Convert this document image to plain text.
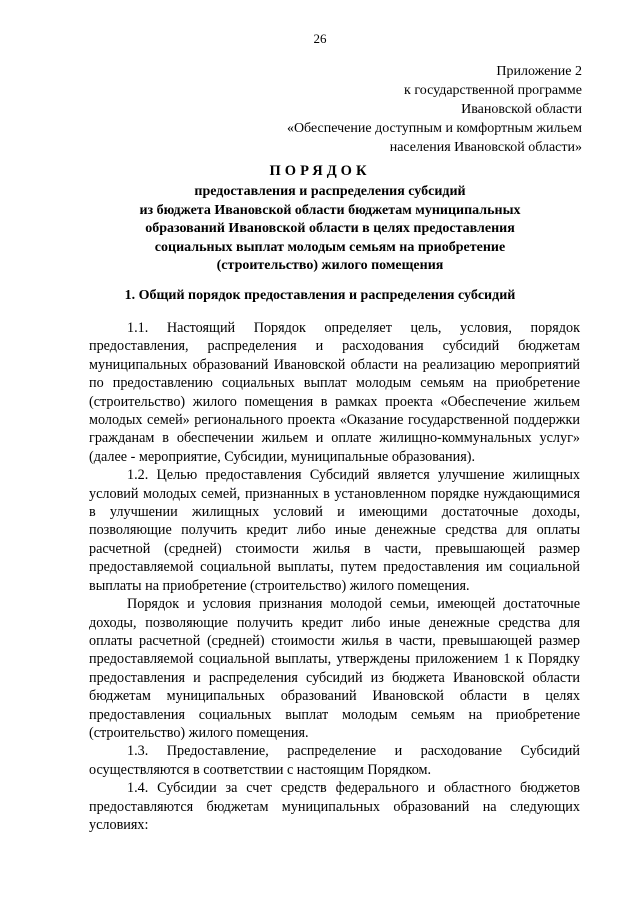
26
Приложение 2
к государственной программе
Ивановской области
«Обеспечение доступным и комфортным жильем
населения Ивановской области»
ПОРЯДОК
предоставления и распределения субсидий
из бюджета Ивановской области бюджетам муниципальных
образований Ивановской области в целях предоставления
социальных выплат молодым семьям на приобретение
(строительство) жилого помещения
1. Общий порядок предоставления и распределения субсидий

1.1. Настоящий Порядок определяет цель, условия, порядок предоставления, распределения и расходования субсидий бюджетам муниципальных образований Ивановской области на реализацию мероприятий по предоставлению социальных выплат молодым семьям на приобретение (строительство) жилого помещения в рамках проекта «Обеспечение жильем молодых семей» регионального проекта «Оказание государственной поддержки гражданам в обеспечении жильем и оплате жилищно-коммунальных услуг» (далее - мероприятие, Субсидии, муниципальные образования).

1.2. Целью предоставления Субсидий является улучшение жилищных условий молодых семей, признанных в установленном порядке нуждающимися в улучшении жилищных условий и имеющими достаточные доходы, позволяющие получить кредит либо иные денежные средства для оплаты расчетной (средней) стоимости жилья в части, превышающей размер предоставляемой социальной выплаты, путем предоставления им социальной выплаты на приобретение (строительство) жилого помещения.

Порядок и условия признания молодой семьи, имеющей достаточные доходы, позволяющие получить кредит либо иные денежные средства для оплаты расчетной (средней) стоимости жилья в части, превышающей размер предоставляемой социальной выплаты, утверждены приложением 1 к Порядку предоставления и распределения субсидий из бюджета Ивановской области бюджетам муниципальных образований Ивановской области в целях предоставления социальных выплат молодым семьям на приобретение (строительство) жилого помещения.

1.3. Предоставление, распределение и расходование Субсидий осуществляются в соответствии с настоящим Порядком.

1.4. Субсидии за счет средств федерального и областного бюджетов предоставляются бюджетам муниципальных образований на следующих условиях:
